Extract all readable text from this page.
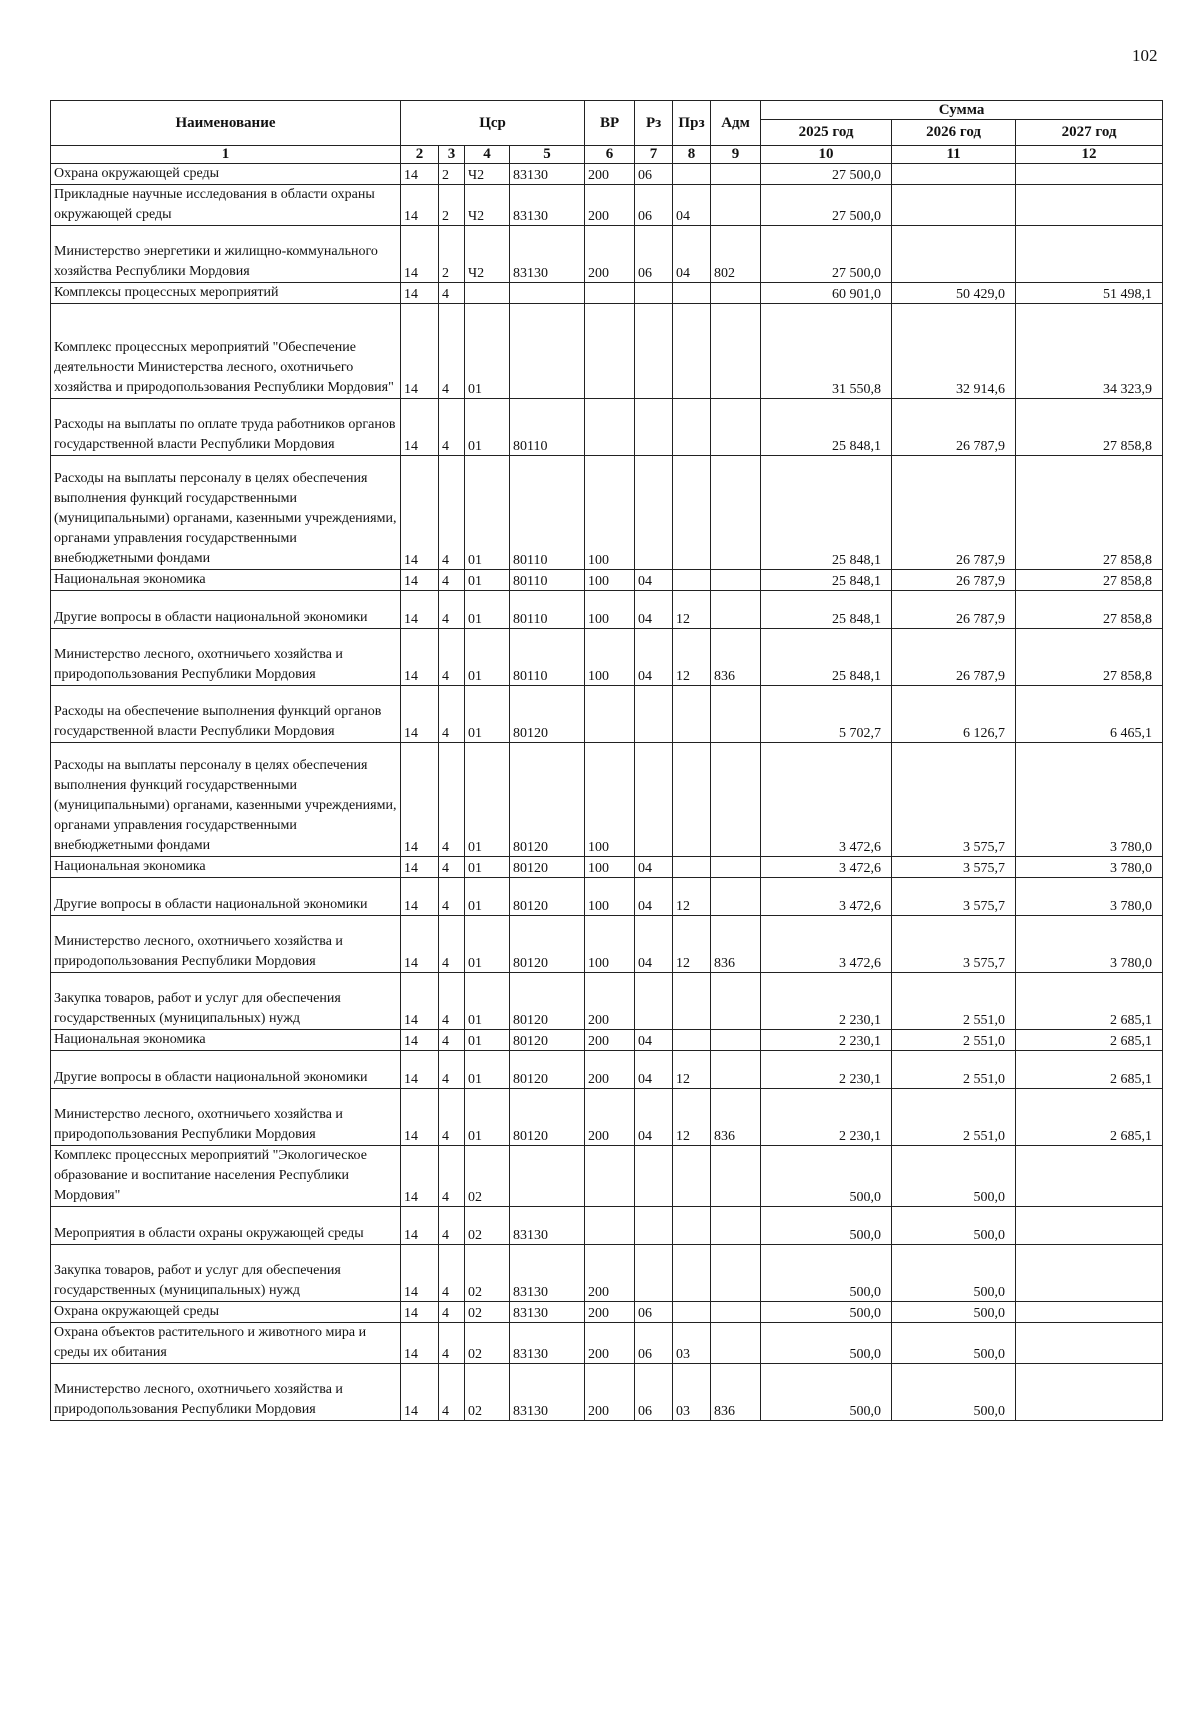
102
Наименование	Цср				ВР	Рз	Прз	Адм	Сумма		
									2025 год	2026 год	2027 год
1	2	3	4	5	6	7	8	9	10	11	12
Охрана окружающей среды	14	2	Ч2	83130	200	06			27 500,0		
Прикладные научные исследования в области охраны окружающей среды	14	2	Ч2	83130	200	06	04		27 500,0		
Министерство энергетики и жилищно-коммунального хозяйства Республики Мордовия	14	2	Ч2	83130	200	06	04	802	27 500,0		
Комплексы процессных мероприятий	14	4							60 901,0	50 429,0	51 498,1
Комплекс процессных мероприятий "Обеспечение деятельности Министерства лесного, охотничьего хозяйства и природопользования Республики Мордовия"	14	4	01						31 550,8	32 914,6	34 323,9
Расходы на выплаты по оплате труда работников органов государственной власти Республики Мордовия	14	4	01	80110					25 848,1	26 787,9	27 858,8
Расходы на выплаты персоналу в целях обеспечения выполнения функций государственными (муниципальными) органами, казенными учреждениями, органами управления государственными внебюджетными фондами	14	4	01	80110	100				25 848,1	26 787,9	27 858,8
Национальная экономика	14	4	01	80110	100	04			25 848,1	26 787,9	27 858,8
Другие вопросы в области национальной экономики	14	4	01	80110	100	04	12		25 848,1	26 787,9	27 858,8
Министерство лесного, охотничьего хозяйства и природопользования Республики Мордовия	14	4	01	80110	100	04	12	836	25 848,1	26 787,9	27 858,8
Расходы на обеспечение выполнения функций органов государственной власти Республики Мордовия	14	4	01	80120					5 702,7	6 126,7	6 465,1
Расходы на выплаты персоналу в целях обеспечения выполнения функций государственными (муниципальными) органами, казенными учреждениями, органами управления государственными внебюджетными фондами	14	4	01	80120	100				3 472,6	3 575,7	3 780,0
Национальная экономика	14	4	01	80120	100	04			3 472,6	3 575,7	3 780,0
Другие вопросы в области национальной экономики	14	4	01	80120	100	04	12		3 472,6	3 575,7	3 780,0
Министерство лесного, охотничьего хозяйства и природопользования Республики Мордовия	14	4	01	80120	100	04	12	836	3 472,6	3 575,7	3 780,0
Закупка товаров, работ и услуг для обеспечения государственных (муниципальных) нужд	14	4	01	80120	200				2 230,1	2 551,0	2 685,1
Национальная экономика	14	4	01	80120	200	04			2 230,1	2 551,0	2 685,1
Другие вопросы в области национальной экономики	14	4	01	80120	200	04	12		2 230,1	2 551,0	2 685,1
Министерство лесного, охотничьего хозяйства и природопользования Республики Мордовия	14	4	01	80120	200	04	12	836	2 230,1	2 551,0	2 685,1
Комплекс процессных мероприятий "Экологическое образование и воспитание населения Республики Мордовия"	14	4	02						500,0	500,0	
Мероприятия в области охраны окружающей среды	14	4	02	83130					500,0	500,0	
Закупка товаров, работ и услуг для обеспечения государственных (муниципальных) нужд	14	4	02	83130	200				500,0	500,0	
Охрана окружающей среды	14	4	02	83130	200	06			500,0	500,0	
Охрана объектов растительного и животного мира и среды их обитания	14	4	02	83130	200	06	03		500,0	500,0	
Министерство лесного, охотничьего хозяйства и природопользования Республики Мордовия	14	4	02	83130	200	06	03	836	500,0	500,0	
